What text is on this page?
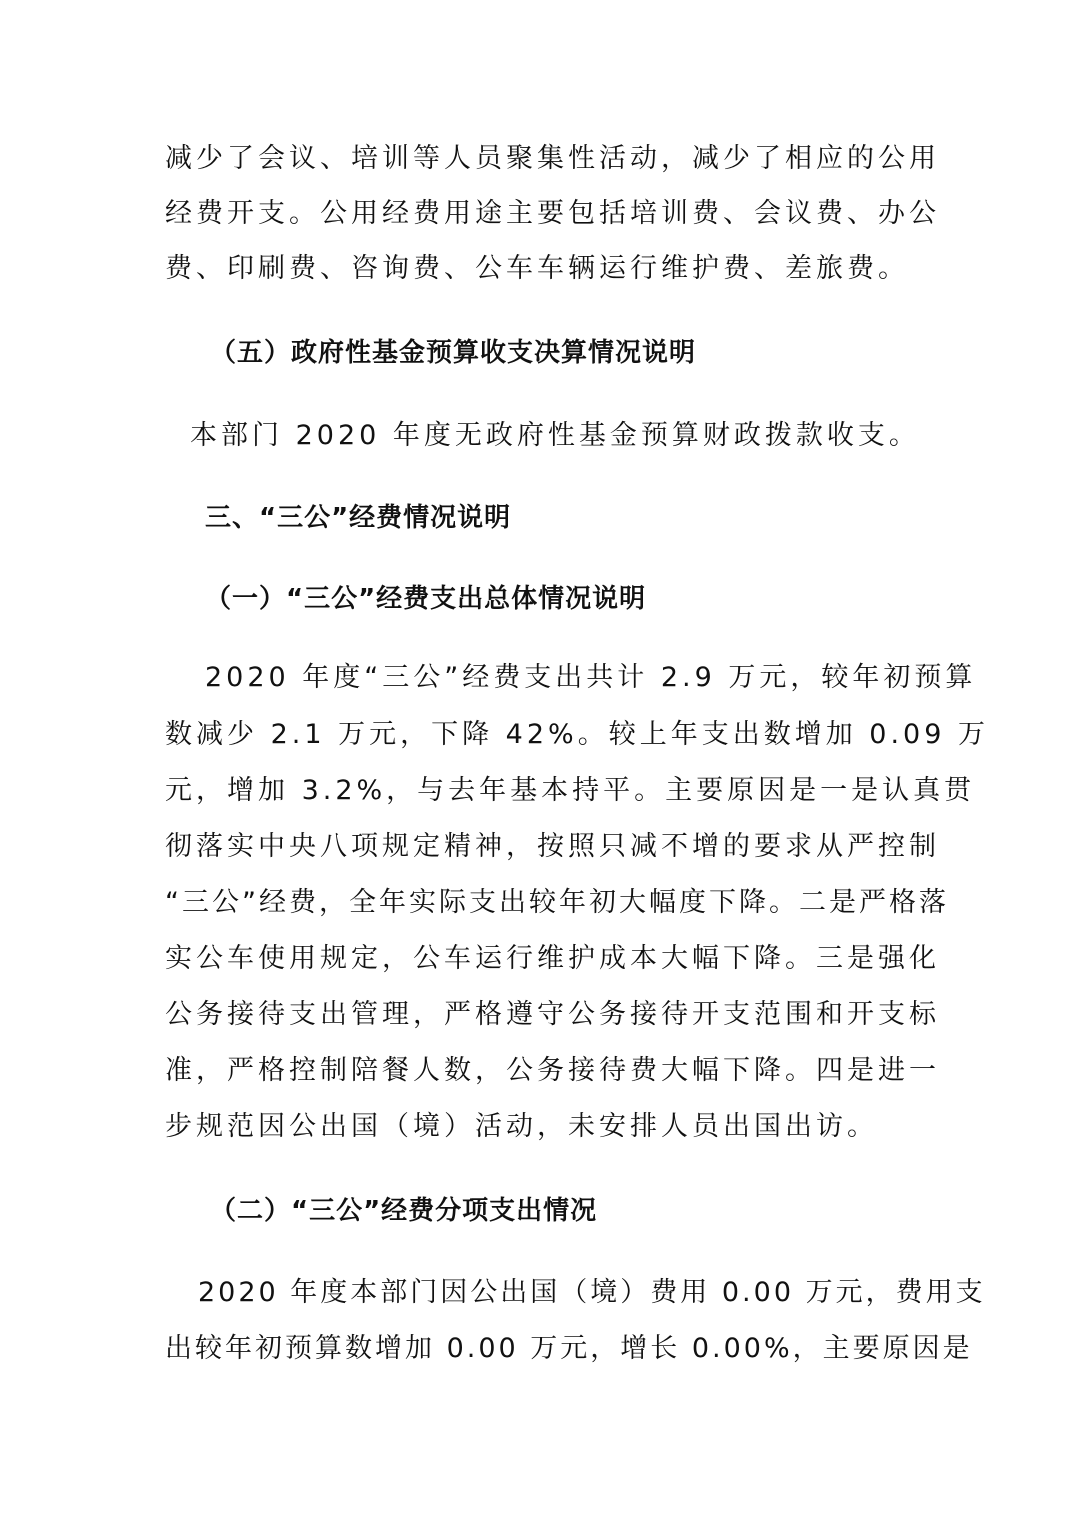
减少了会议、培训等人员聚集性活动，减少了相应的公用

经费开支。公用经费用途主要包括培训费、会议费、办公

费、印刷费、咨询费、公车车辆运行维护费、差旅费。

（五）政府性基金预算收支决算情况说明

本部门 2020 年度无政府性基金预算财政拨款收支。

三、“三公”经费情况说明

（一）“三公”经费支出总体情况说明

2020 年度“三公”经费支出共计 2.9 万元，较年初预算

数减少 2.1 万元，下降 42%。较上年支出数增加 0.09 万

元，增加 3.2%，与去年基本持平。主要原因是一是认真贯

彻落实中央八项规定精神，按照只减不增的要求从严控制

“三公”经费，全年实际支出较年初大幅度下降。二是严格落

实公车使用规定，公车运行维护成本大幅下降。三是强化

公务接待支出管理，严格遵守公务接待开支范围和开支标

准，严格控制陪餐人数，公务接待费大幅下降。四是进一

步规范因公出国（境）活动，未安排人员出国出访。

（二）“三公”经费分项支出情况

2020 年度本部门因公出国（境）费用 0.00 万元，费用支

出较年初预算数增加 0.00 万元，增长 0.00%，主要原因是
